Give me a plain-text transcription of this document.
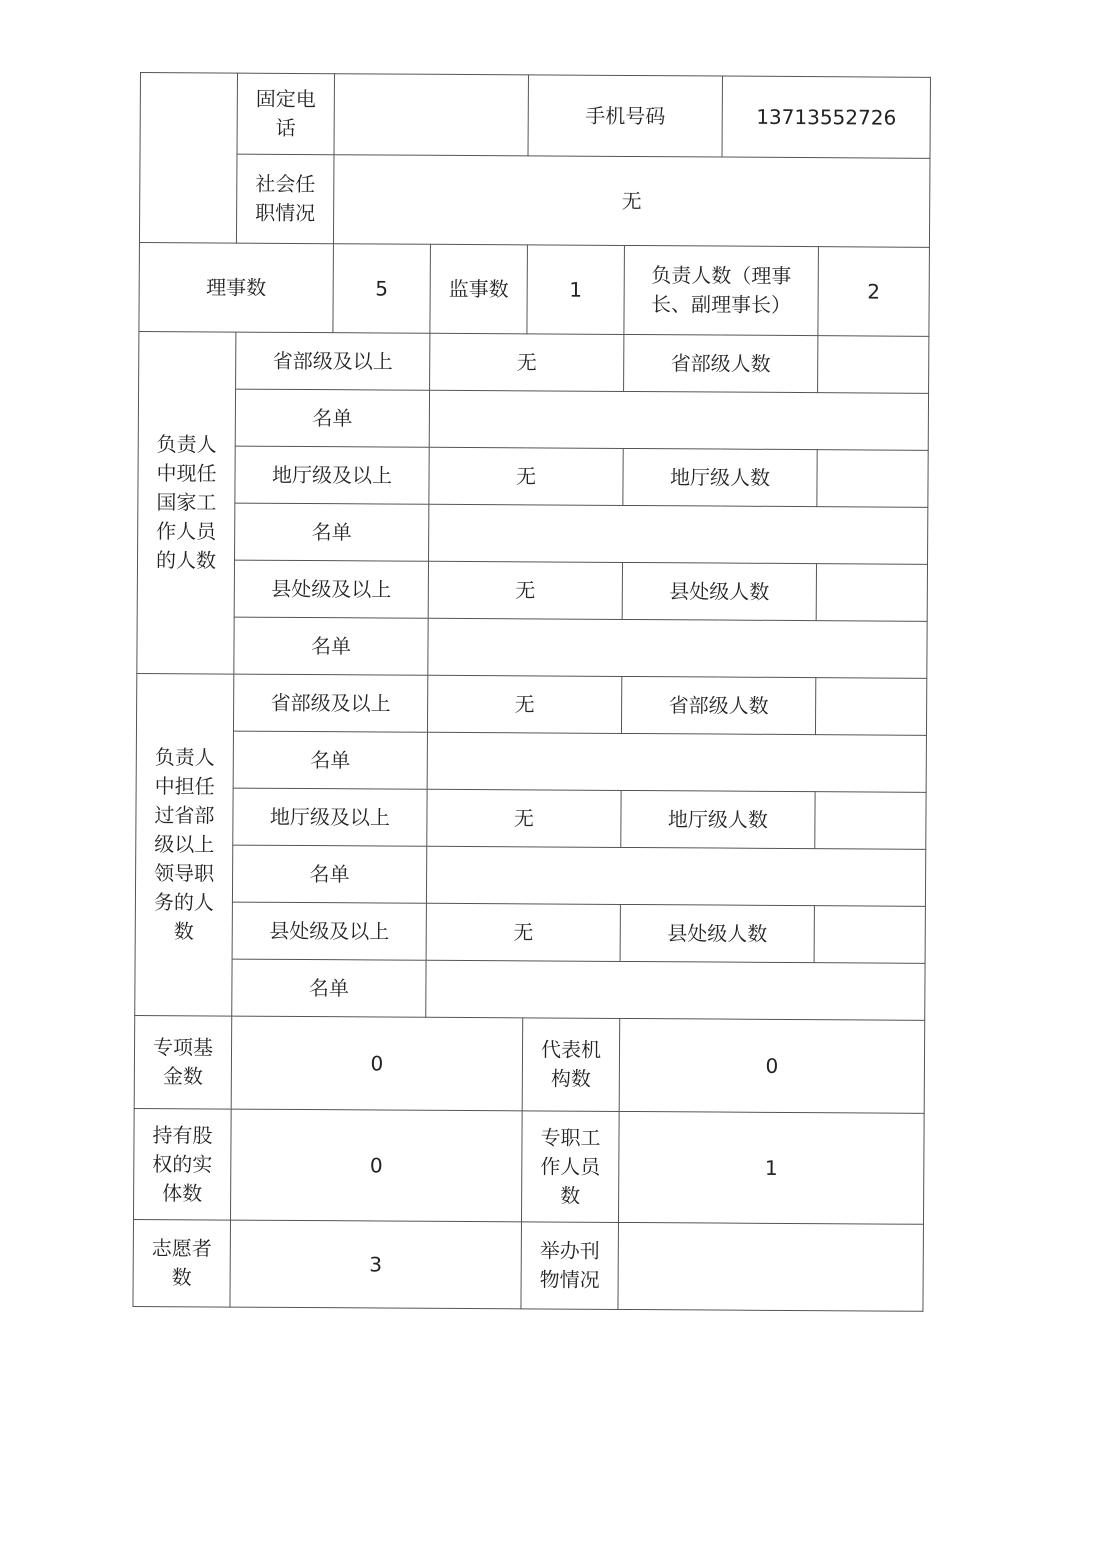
	固定电话			手机号码		13713552726	
	社会任职情况	无					
理事数		5	监事数	1	负责人数（理事长、副理事长）		2
负责人中现任国家工作人员的人数	省部级及以上		无		省部级人数		
	名单						
	地厅级及以上		无		地厅级人数		
	名单						
	县处级及以上		无		县处级人数		
	名单						
负责人中担任过省部级以上领导职务的人数	省部级及以上		无		省部级人数		
	名单						
	地厅级及以上		无		地厅级人数		
	名单						
	县处级及以上		无		县处级人数		
	名单						
专项基金数	0			代表机构数	0		
持有股权的实体数	0			专职工作人员数	1		
志愿者数	3			举办刊物情况			
